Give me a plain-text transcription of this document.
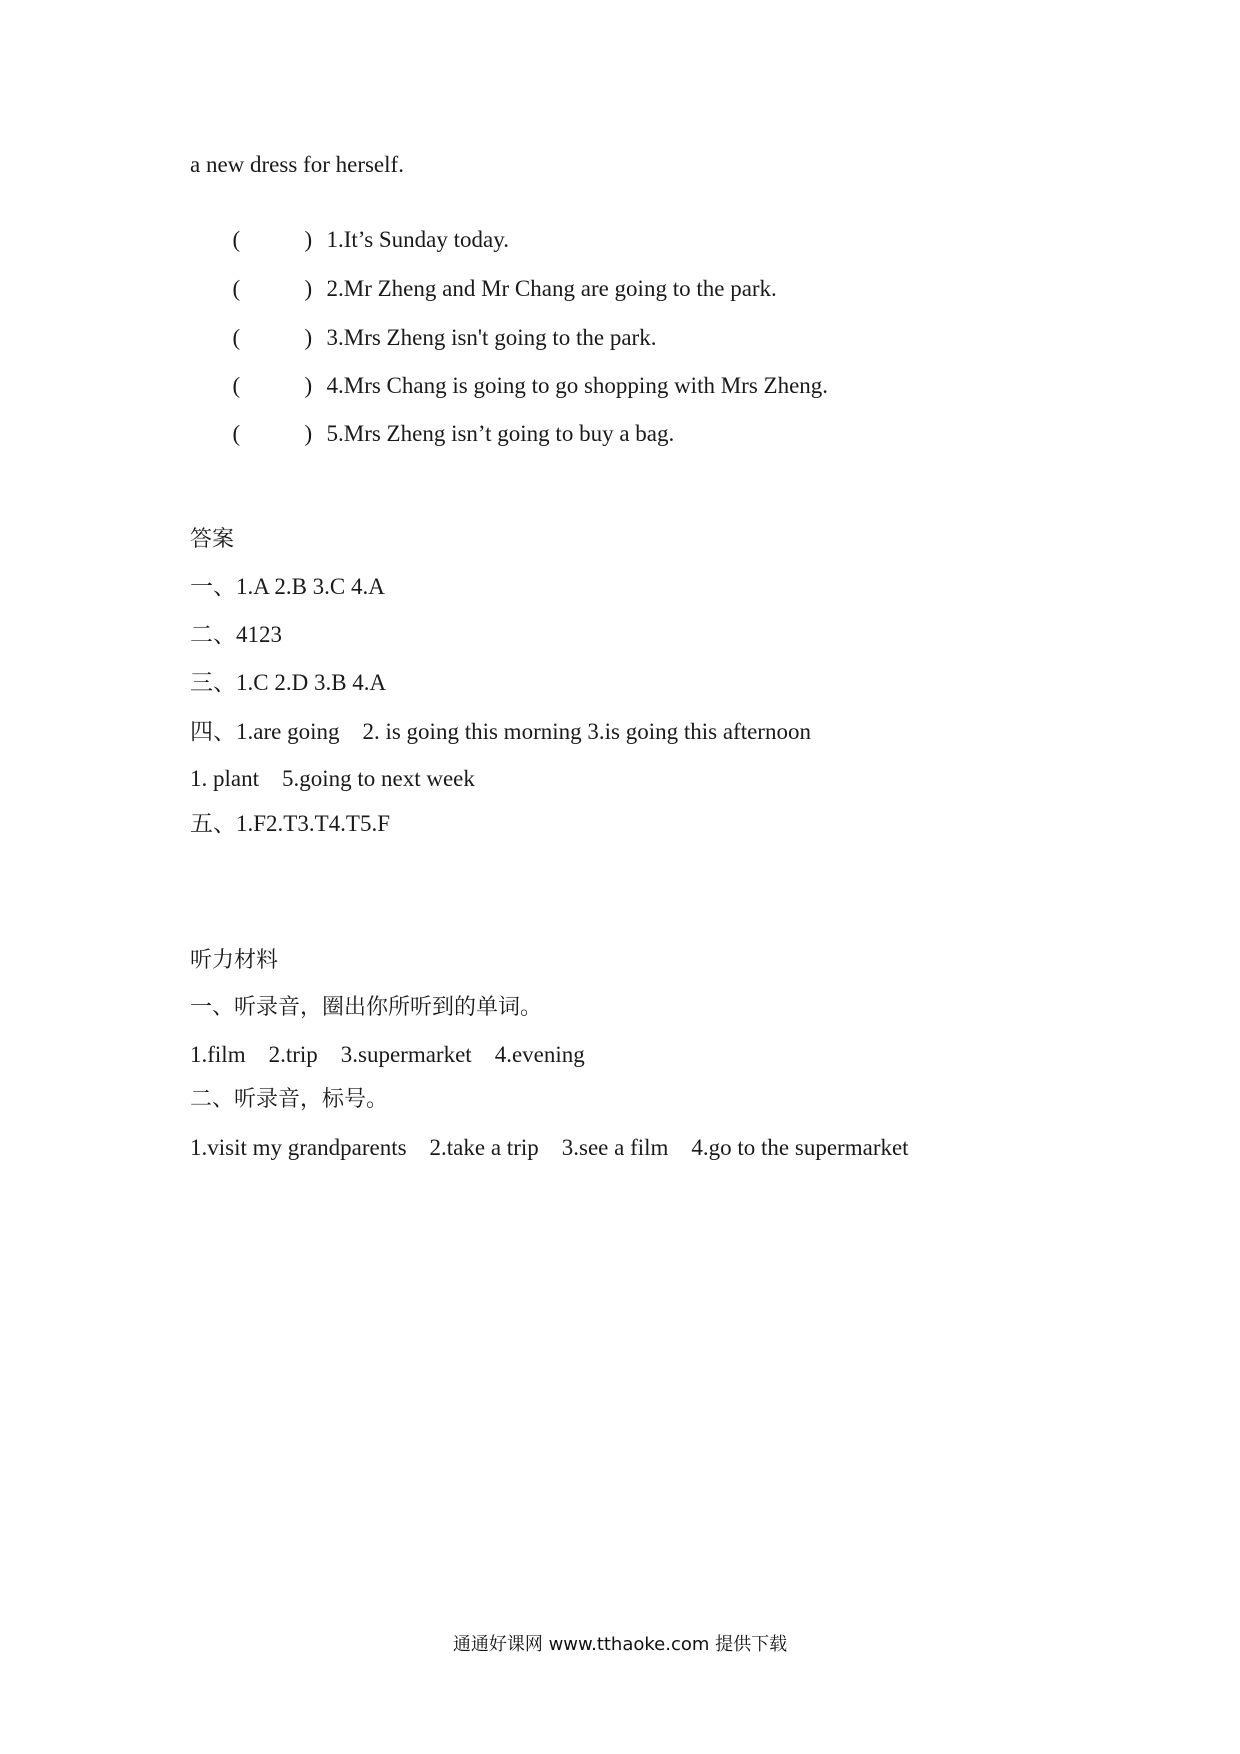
a new dress for herself.

(	) 1.It’s Sunday today.

(	) 2.Mr Zheng and Mr Chang are going to the park.

(	) 3.Mrs Zheng isn't going to the park.

(	) 4.Mrs Chang is going to go shopping with Mrs Zheng.

(	) 5.Mrs Zheng isn’t going to buy a bag.

答案
一、1.A 2.B 3.C 4.A
二、4123
三、1.C 2.D 3.B 4.A
四、1.are going    2. is going this morning 3.is going this afternoon
1. plant    5.going to next week
五、1.F2.T3.T4.T5.F
听力材料
一、听录音，圈出你所听到的单词。
1.film    2.trip    3.supermarket    4.evening
二、听录音，标号。
1.visit my grandparents    2.take a trip    3.see a film    4.go to the supermarket
通通好课网 www.tthaoke.com 提供下载
